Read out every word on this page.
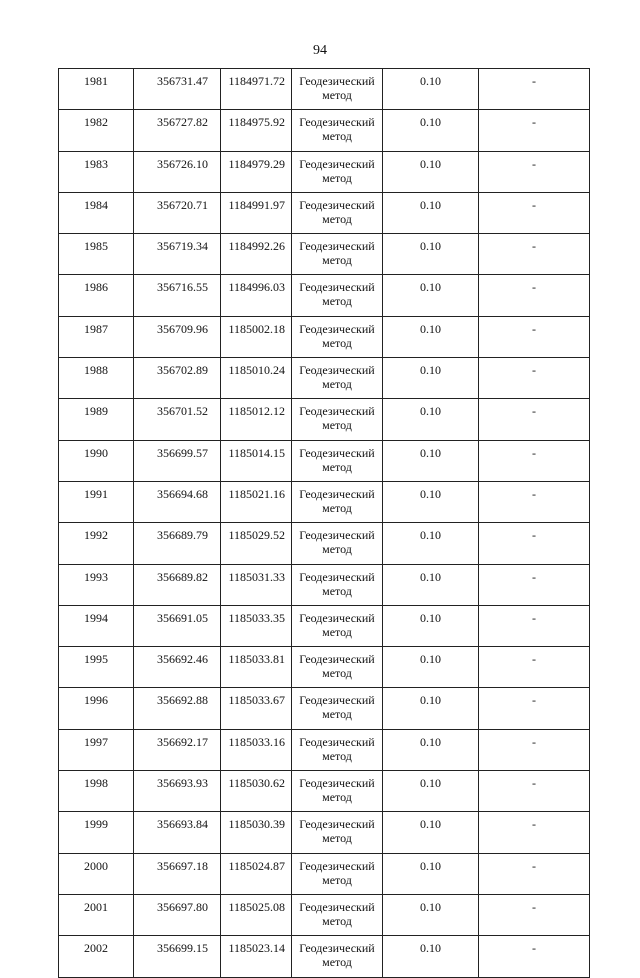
94
1981	356731.47	1184971.72	Геодезический метод	0.10	-
1982	356727.82	1184975.92	Геодезический метод	0.10	-
1983	356726.10	1184979.29	Геодезический метод	0.10	-
1984	356720.71	1184991.97	Геодезический метод	0.10	-
1985	356719.34	1184992.26	Геодезический метод	0.10	-
1986	356716.55	1184996.03	Геодезический метод	0.10	-
1987	356709.96	1185002.18	Геодезический метод	0.10	-
1988	356702.89	1185010.24	Геодезический метод	0.10	-
1989	356701.52	1185012.12	Геодезический метод	0.10	-
1990	356699.57	1185014.15	Геодезический метод	0.10	-
1991	356694.68	1185021.16	Геодезический метод	0.10	-
1992	356689.79	1185029.52	Геодезический метод	0.10	-
1993	356689.82	1185031.33	Геодезический метод	0.10	-
1994	356691.05	1185033.35	Геодезический метод	0.10	-
1995	356692.46	1185033.81	Геодезический метод	0.10	-
1996	356692.88	1185033.67	Геодезический метод	0.10	-
1997	356692.17	1185033.16	Геодезический метод	0.10	-
1998	356693.93	1185030.62	Геодезический метод	0.10	-
1999	356693.84	1185030.39	Геодезический метод	0.10	-
2000	356697.18	1185024.87	Геодезический метод	0.10	-
2001	356697.80	1185025.08	Геодезический метод	0.10	-
2002	356699.15	1185023.14	Геодезический метод	0.10	-
